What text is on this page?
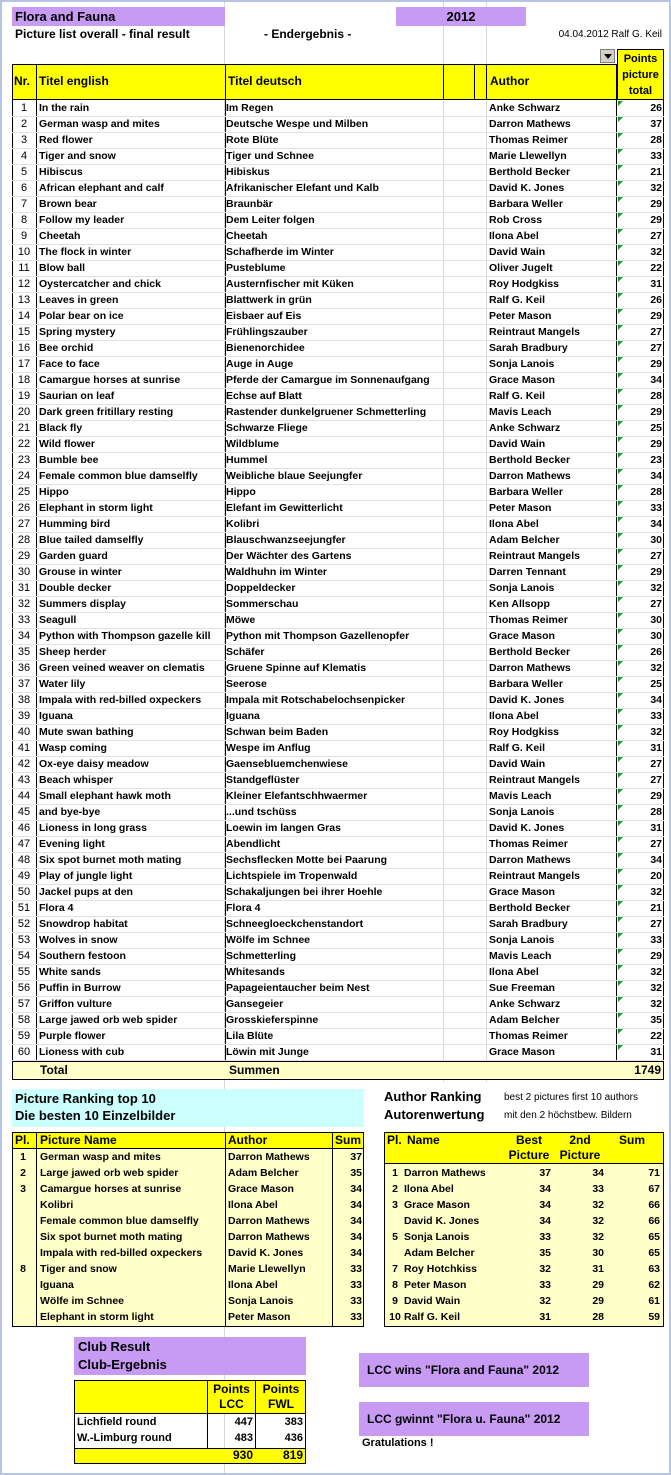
Flora and Fauna	2012
Picture list overall - final result	- Endergebnis -	04.04.2012 Ralf G. Keil
Nr. Titel english	Titel deutsch	Author
Points
picture
total
1	In the rain	Im Regen	Anke Schwarz	26
2	German wasp and mites	Deutsche Wespe und Milben	Darron Mathews	37
3	Red flower	Rote Blüte	Thomas Reimer	28
4	Tiger and snow	Tiger und Schnee	Marie Llewellyn	33
5	Hibiscus	Hibiskus	Berthold Becker	21
6	African elephant and calf	Afrikanischer Elefant und Kalb	David K. Jones	32
7	Brown bear	Braunbär	Barbara Weller	29
8	Follow my leader	Dem Leiter folgen	Rob Cross	29
9	Cheetah	Cheetah	Ilona Abel	27
10 The flock in winter	Schafherde im Winter	David Wain	32
11 Blow ball	Pusteblume	Oliver Jugelt	22
12 Oystercatcher and chick	Austernfischer mit Küken	Roy Hodgkiss	31
13 Leaves in green	Blattwerk in grün	Ralf G. Keil	26
14 Polar bear on ice	Eisbaer auf Eis	Peter Mason	29
15 Spring mystery	Frühlingszauber	Reintraut Mangels	27
16 Bee orchid	Bienenorchidee	Sarah Bradbury	27
17 Face to face	Auge in Auge	Sonja Lanois	29
18 Camargue horses at sunrise	Pferde der Camargue im Sonnenaufgang	Grace Mason	34
19 Saurian on leaf	Echse auf Blatt	Ralf G. Keil	28
20 Dark green fritillary resting	Rastender dunkelgruener Schmetterling	Mavis Leach	29
21 Black fly	Schwarze Fliege	Anke Schwarz	25
22 Wild flower	Wildblume	David Wain	29
23 Bumble bee	Hummel	Berthold Becker	23
24 Female common blue damselfly	Weibliche blaue Seejungfer	Darron Mathews	34
25 Hippo	Hippo	Barbara Weller	28
26 Elephant in storm light	Elefant im Gewitterlicht	Peter Mason	33
27 Humming bird	Kolibri	Ilona Abel	34
28 Blue tailed damselfly	Blauschwanzseejungfer	Adam Belcher	30
29 Garden guard	Der Wächter des Gartens	Reintraut Mangels	27
30 Grouse in winter	Waldhuhn im Winter	Darren Tennant	29
31 Double decker	Doppeldecker	Sonja Lanois	32
32 Summers display	Sommerschau	Ken Allsopp	27
33 Seagull	Möwe	Thomas Reimer	30
34 Python with Thompson gazelle kill	Python mit Thompson Gazellenopfer	Grace Mason	30
35 Sheep herder	Schäfer	Berthold Becker	26
36 Green veined weaver on clematis	Gruene Spinne auf Klematis	Darron Mathews	32
37 Water lily	Seerose	Barbara Weller	25
38 Impala with red-billed oxpeckers	Impala mit Rotschabelochsenpicker	David K. Jones	34
39 Iguana	Iguana	Ilona Abel	33
40 Mute swan bathing	Schwan beim Baden	Roy Hodgkiss	32
41 Wasp coming	Wespe im Anflug	Ralf G. Keil	31
42 Ox-eye daisy meadow	Gaensebluemchenwiese	David Wain	27
43 Beach whisper	Standgeflüster	Reintraut Mangels	27
44 Small elephant hawk moth	Kleiner Elefantschhwaermer	Mavis Leach	29
45 and bye-bye	...und tschüss	Sonja Lanois	28
46 Lioness in long grass	Loewin im langen Gras	David K. Jones	31
47 Evening light	Abendlicht	Thomas Reimer	27
48 Six spot burnet moth mating	Sechsflecken Motte bei Paarung	Darron Mathews	34
49 Play of jungle light	Lichtspiele im Tropenwald	Reintraut Mangels	20
50 Jackel pups at den	Schakaljungen bei ihrer Hoehle	Grace Mason	32
51 Flora 4	Flora 4	Berthold Becker	21
52 Snowdrop habitat	Schneegloeckchenstandort	Sarah Bradbury	27
53 Wolves in snow	Wölfe im Schnee	Sonja Lanois	33
54 Southern festoon	Schmetterling	Mavis Leach	29
55 White sands	Whitesands	Ilona Abel	32
56 Puffin in Burrow	Papageientaucher beim Nest	Sue Freeman	32
57 Griffon vulture	Gansegeier	Anke Schwarz	32
58 Large jawed orb web spider	Grosskieferspinne	Adam Belcher	35
59 Purple flower	Lila Blüte	Thomas Reimer	22
60 Lioness with cub	Löwin mit Junge	Grace Mason	31
Total	Summen	1749
Picture Ranking top 10
Die besten 10 Einzelbilder
Pl. Picture Name	Author	Sum
1	German wasp and mites	Darron Mathews	37
2	Large jawed orb web spider	Adam Belcher	35
3	Camargue horses at sunrise	Grace Mason	34
Kolibri	Ilona Abel	34
Female common blue damselfly	Darron Mathews	34
Six spot burnet moth mating	Darron Mathews	34
Impala with red-billed oxpeckers	David K. Jones	34
8	Tiger and snow	Marie Llewellyn	33
Iguana	Ilona Abel	33
Wölfe im Schnee	Sonja Lanois	33
Elephant in storm light	Peter Mason	33
Author Ranking	best 2 pictures first 10 authors
Autorenwertung	mit den 2 höchstbew. Bildern
Pl. Name	Best
Picture
2nd
Picture
Sum
1 Darron Mathews	37	34	71
2 Ilona Abel	34	33	67
3 Grace Mason	34	32	66
David K. Jones	34	32	66
5 Sonja Lanois	33	32	65
Adam Belcher	35	30	65
7 Roy Hotchkiss	32	31	63
8 Peter Mason	33	29	62
9 David Wain	32	29	61
10 Ralf G. Keil	31	28	59
Club Result
Club-Ergebnis
Points
LCC
Points
FWL
Lichfield round	447	383
W.-Limburg round	483	436
930	819
LCC wins "Flora and Fauna" 2012
LCC gwinnt "Flora u. Fauna" 2012
Gratulations !
